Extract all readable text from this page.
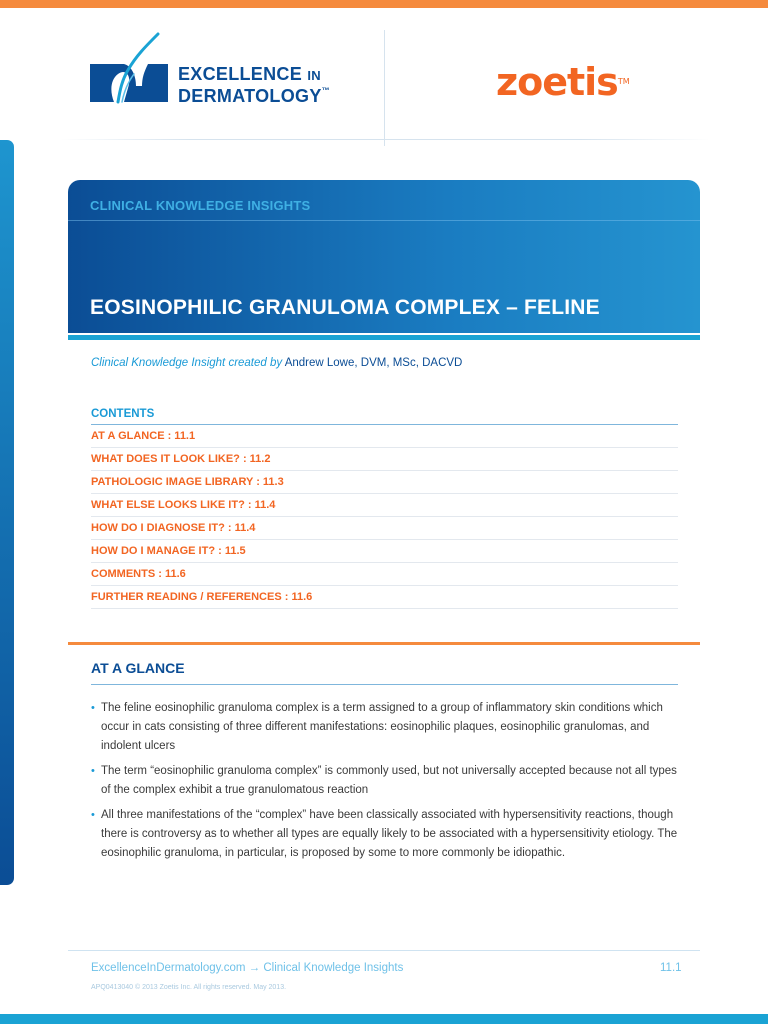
EXCELLENCE IN
DERMATOLOGY™	zoetisTM
CLINICAL KNOWLEDGE INSIGHTS
EOSINOPHILIC GRANULOMA COMPLEX – FELINE
Clinical Knowledge Insight created by Andrew Lowe, DVM, MSc, DACVD
CONTENTS
AT A GLANCE : 11.1
WHAT DOES IT LOOK LIKE? : 11.2
PATHOLOGIC IMAGE LIBRARY : 11.3
WHAT ELSE LOOKS LIKE IT? : 11.4
HOW DO I DIAGNOSE IT? : 11.4
HOW DO I MANAGE IT? : 11.5
COMMENTS : 11.6
FURTHER READING / REFERENCES : 11.6
AT A GLANCE
• The feline eosinophilic granuloma complex is a term assigned to a group of inflammatory skin conditions which occur in cats consisting of three different manifestations: eosinophilic plaques, eosinophilic granulomas, and indolent ulcers
• The term “eosinophilic granuloma complex” is commonly used, but not universally accepted because not all types of the complex exhibit a true granulomatous reaction
• All three manifestations of the “complex” have been classically associated with hypersensitivity reactions, though there is controversy as to whether all types are equally likely to be associated with a hypersensitivity etiology. The eosinophilic granuloma, in particular, is proposed by some to more commonly be idiopathic.
ExcellenceInDermatology.com → Clinical Knowledge Insights	11.1
APQ0413040 © 2013 Zoetis Inc. All rights reserved. May 2013.
